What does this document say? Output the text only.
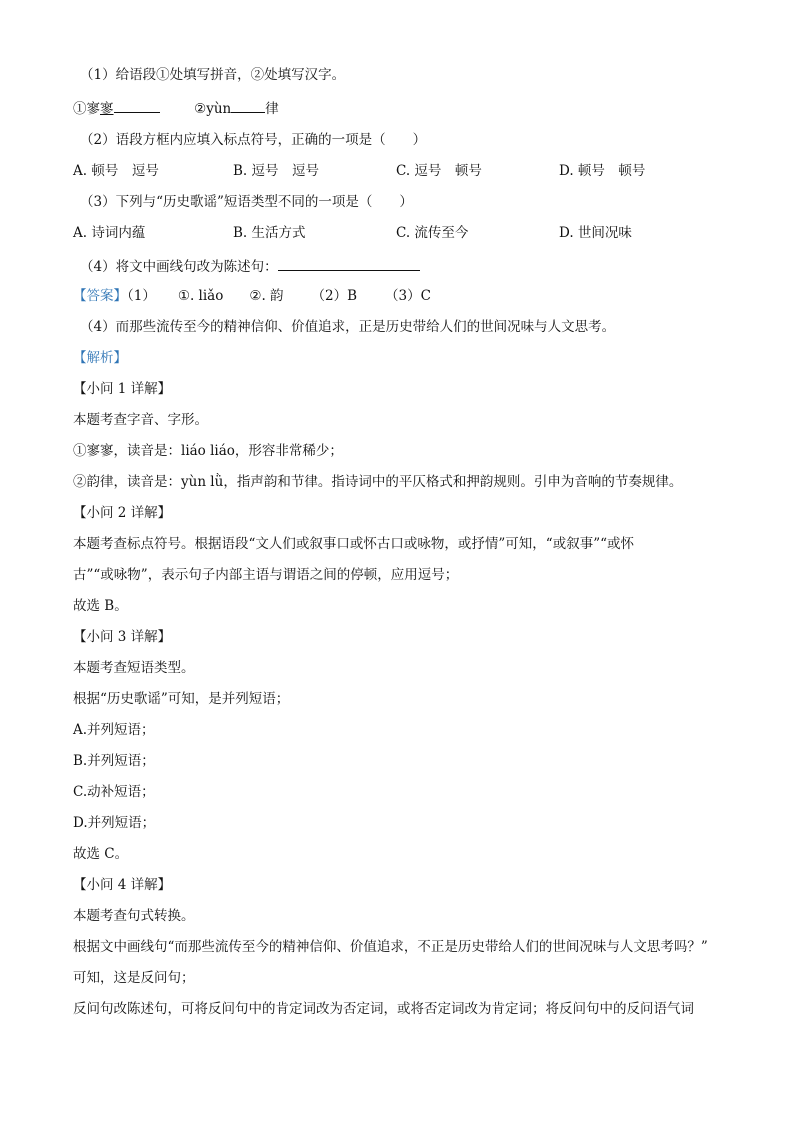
（1）给语段①处填写拼音，②处填写汉字。
①寥寥	②yùn	律
（2）语段方框内应填入标点符号，正确的一项是（　　）
A. 顿号　逗号	B. 逗号　逗号	C. 逗号　顿号	D. 顿号　顿号
（3）下列与“历史歌谣”短语类型不同的一项是（　　）
A. 诗词内蕴	B. 生活方式	C. 流传至今	D. 世间况味
（4）将文中画线句改为陈述句：
【答案】（1） ①. liǎo ②. 韵 （2）B （3）C
（4）而那些流传至今的精神信仰、价值追求，正是历史带给人们的世间况味与人文思考。
【解析】
【小问 1 详解】
本题考查字音、字形。
①寥寥，读音是：liáo liáo，形容非常稀少；
②韵律，读音是：yùn lǜ，指声韵和节律。指诗词中的平仄格式和押韵规则。引申为音响的节奏规律。
【小问 2 详解】
本题考查标点符号。根据语段“文人们或叙事口或怀古口或咏物，或抒情”可知，“或叙事”“或怀
古”“或咏物”，表示句子内部主语与谓语之间的停顿，应用逗号；
故选 B。
【小问 3 详解】
本题考查短语类型。
根据“历史歌谣”可知，是并列短语；
A.并列短语；
B.并列短语；
C.动补短语；
D.并列短语；
故选 C。
【小问 4 详解】
本题考查句式转换。
根据文中画线句“而那些流传至今的精神信仰、价值追求，不正是历史带给人们的世间况味与人文思考吗？”
可知，这是反问句；
反问句改陈述句，可将反问句中的肯定词改为否定词，或将否定词改为肯定词；将反问句中的反问语气词
